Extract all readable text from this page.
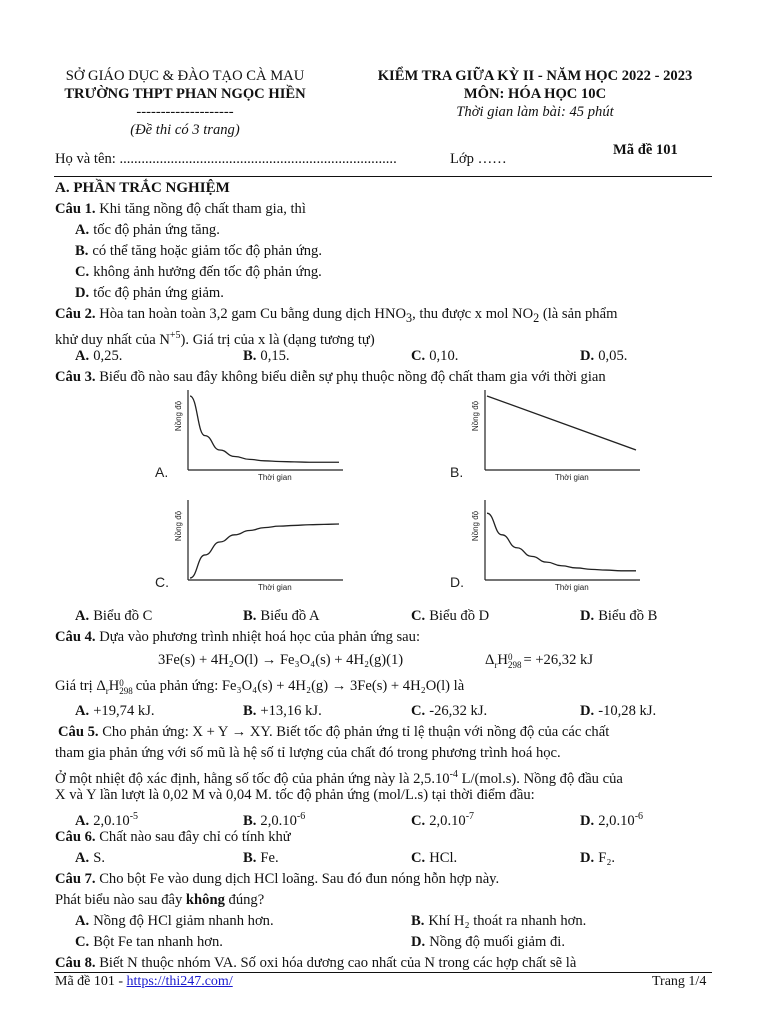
SỞ GIÁO DỤC & ĐÀO TẠO CÀ MAU
TRƯỜNG THPT PHAN NGỌC HIỀN
--------------------
(Đề thi có 3 trang)
KIỂM TRA GIỮA KỲ II - NĂM HỌC 2022 - 2023
MÔN: HÓA HỌC 10C
Thời gian làm bài: 45 phút
Mã đề 101
Họ và tên: ............................................................................	Lớp ……
A. PHẦN TRẮC NGHIỆM
Câu 1. Khi tăng nồng độ chất tham gia, thì
A. tốc độ phản ứng tăng.
B. có thể tăng hoặc giảm tốc độ phản ứng.
C. không ảnh hưởng đến tốc độ phản ứng.
D. tốc độ phản ứng giảm.
Câu 2. Hòa tan hoàn toàn 3,2 gam Cu bằng dung dịch $HNO_3$, thu được x mol $NO_2$ (là sản phẩm
khử duy nhất của $N^{+5}$). Giá trị của x là (dạng tương tự)
A. 0,25.	B. 0,15.	C. 0,10.	D. 0,05.
Câu 3. Biểu đồ nào sau đây không biểu diễn sự phụ thuộc nồng độ chất tham gia với thời gian
Nồng độ
Thời gian
A.
Nồng độ
Thời gian
B.
Nồng độ
Thời gian
C.
Nồng độ
Thời gian
D.
A. Biểu đồ C	B. Biểu đồ A	C. Biểu đồ D	D. Biểu đồ B
Câu 4. Dựa vào phương trình nhiệt hoá học của phản ứng sau:
3Fe(s) + 4H₂O(l) → Fe₃O₄(s) + 4H₂(g)(1)	$\Delta_rH$ 0
298 = +26,32 kJ
Giá trị $\Delta_rH$ 0
298 của phản ứng: Fe₃O₄(s) + 4H₂(g) → 3Fe(s) + 4H₂O(l) là
A. +19,74 kJ.	B. +13,16 kJ.	C. -26,32 kJ.	D. -10,28 kJ.
Câu 5. Cho phản ứng: X + Y → XY. Biết tốc độ phản ứng tỉ lệ thuận với nồng độ của các chất
tham gia phản ứng với số mũ là hệ số tỉ lượng của chất đó trong phương trình hoá học.
Ở một nhiệt độ xác định, hằng số tốc độ của phản ứng này là $2,5.10^{-4}$ L/(mol.s). Nồng độ đầu của
X và Y lần lượt là 0,02 M và 0,04 M. tốc độ phản ứng (mol/L.s) tại thời điểm đầu:
A. $2,0.10^{-5}$	B. $2,0.10^{-6}$	C. $2,0.10^{-7}$	D. $2,0.10^{-6}$
Câu 6. Chất nào sau đây chỉ có tính khử
A. S.	B. Fe.	C. HCl.	D. F₂.
Câu 7. Cho bột Fe vào dung dịch HCl loãng. Sau đó đun nóng hỗn hợp này.
Phát biểu nào sau đây không đúng?
A. Nồng độ HCl giảm nhanh hơn.	B. Khí H₂ thoát ra nhanh hơn.
C. Bột Fe tan nhanh hơn.	D. Nồng độ muối giảm đi.
Câu 8. Biết N thuộc nhóm VA. Số oxi hóa dương cao nhất của N trong các hợp chất sẽ là
Mã đề 101 - https://thi247.com/	Trang 1/4
